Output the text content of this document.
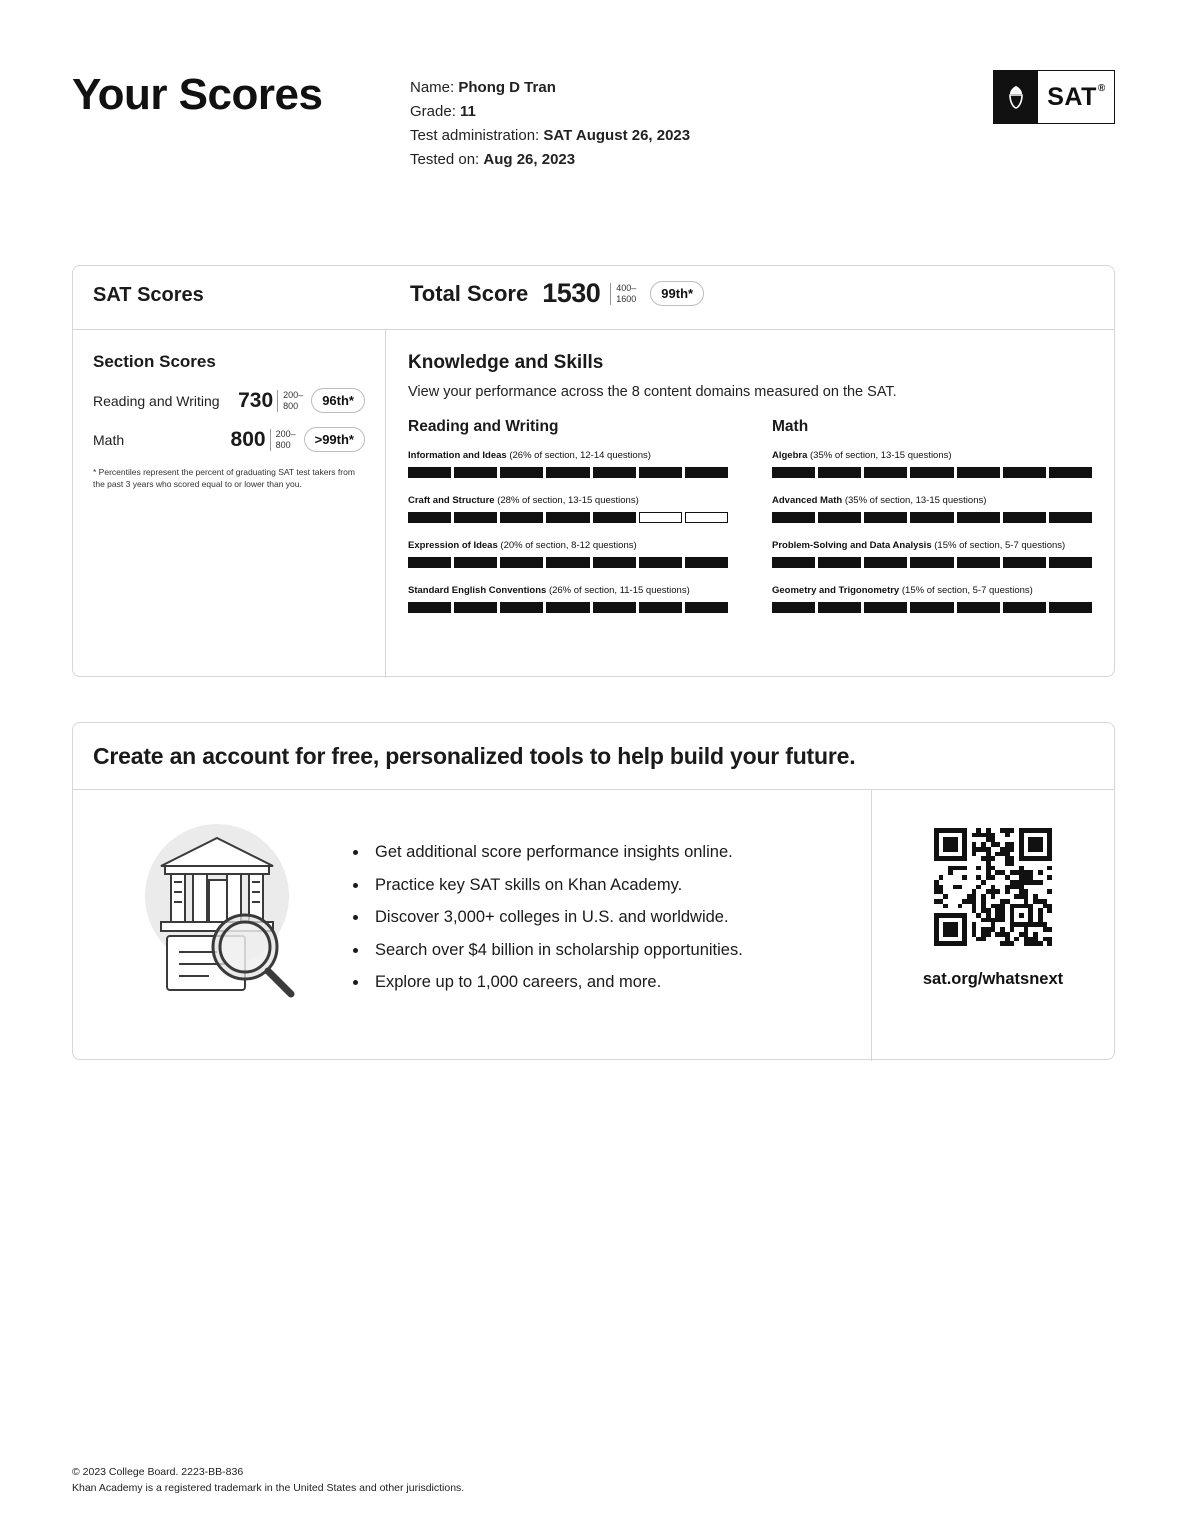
Your Scores	Name: Phong D Tran
Grade: 11
Test administration: SAT August 26, 2023
Tested on: Aug 26, 2023
SAT ®
SAT Scores	Total Score 1530	400–
1600	99th*
Section Scores
Reading and Writing 730	200–
800	96th*
Math	800	200–
800	>99th*
* Percentiles represent the percent of graduating SAT test takers from the past 3 years who scored equal to or lower than you.
Knowledge and Skills

View your performance across the 8 content domains measured on the SAT.

Reading and Writing
Information and Ideas (26% of section, 12-14 questions)
Craft and Structure (28% of section, 13-15 questions)
Expression of Ideas (20% of section, 8-12 questions)
Standard English Conventions (26% of section, 11-15 questions)
Math
Algebra (35% of section, 13-15 questions)
Advanced Math (35% of section, 13-15 questions)
Problem-Solving and Data Analysis (15% of section, 5-7 questions)
Geometry and Trigonometry (15% of section, 5-7 questions)
Create an account for free, personalized tools to help build your future.
• Get additional score performance insights online.
• Practice key SAT skills on Khan Academy.
• Discover 3,000+ colleges in U.S. and worldwide.
• Search over $4 billion in scholarship opportunities.
• Explore up to 1,000 careers, and more.	sat.org/whatsnext
© 2023 College Board. 2223-BB-836
Khan Academy is a registered trademark in the United States and other jurisdictions.
